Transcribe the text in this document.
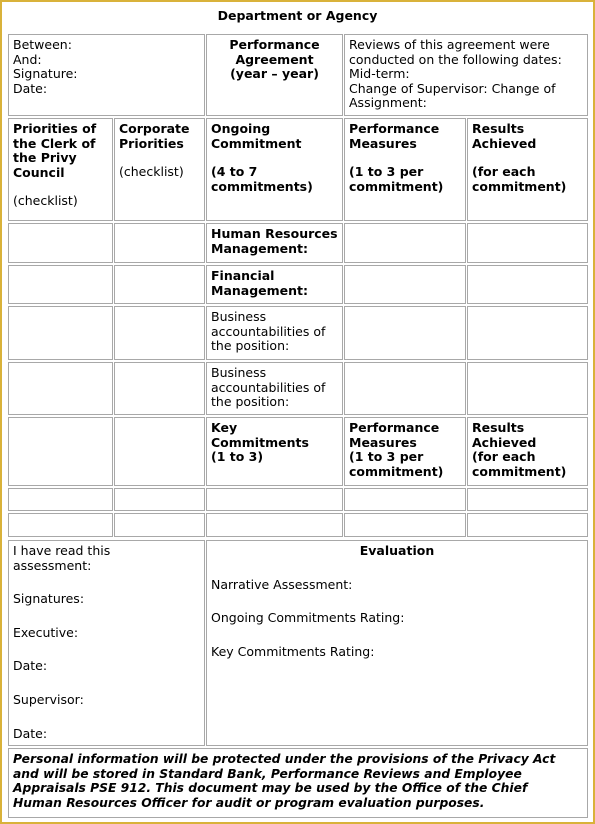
Department or Agency
Between:
And:
Signature:
Date:
Performance
Agreement
(year – year)
Reviews of this agreement were
conducted on the following dates:
Mid-term:
Change of Supervisor: Change of
Assignment:
Priorities of
the Clerk of
the Privy
Council
(checklist)
Corporate
Priorities
(checklist)
Ongoing
Commitment
(4 to 7
commitments)
Performance
Measures
(1 to 3 per
commitment)
Results
Achieved
(for each
commitment)
Human Resources
Management:
Financial
Management:
Business
accountabilities of
the position:
Business
accountabilities of
the position:
Key Commitments
(1 to 3)
Performance
Measures
(1 to 3 per
commitment)
Results
Achieved
(for each
commitment)
I have read this
assessment:
Signatures:
Executive:
Date:
Supervisor:
Date:
Evaluation
Narrative Assessment:
Ongoing Commitments Rating:
Key Commitments Rating:
Personal information will be protected under the provisions of the Privacy Act
and will be stored in Standard Bank, Performance Reviews and Employee
Appraisals PSE 912. This document may be used by the Office of the Chief
Human Resources Officer for audit or program evaluation purposes.
